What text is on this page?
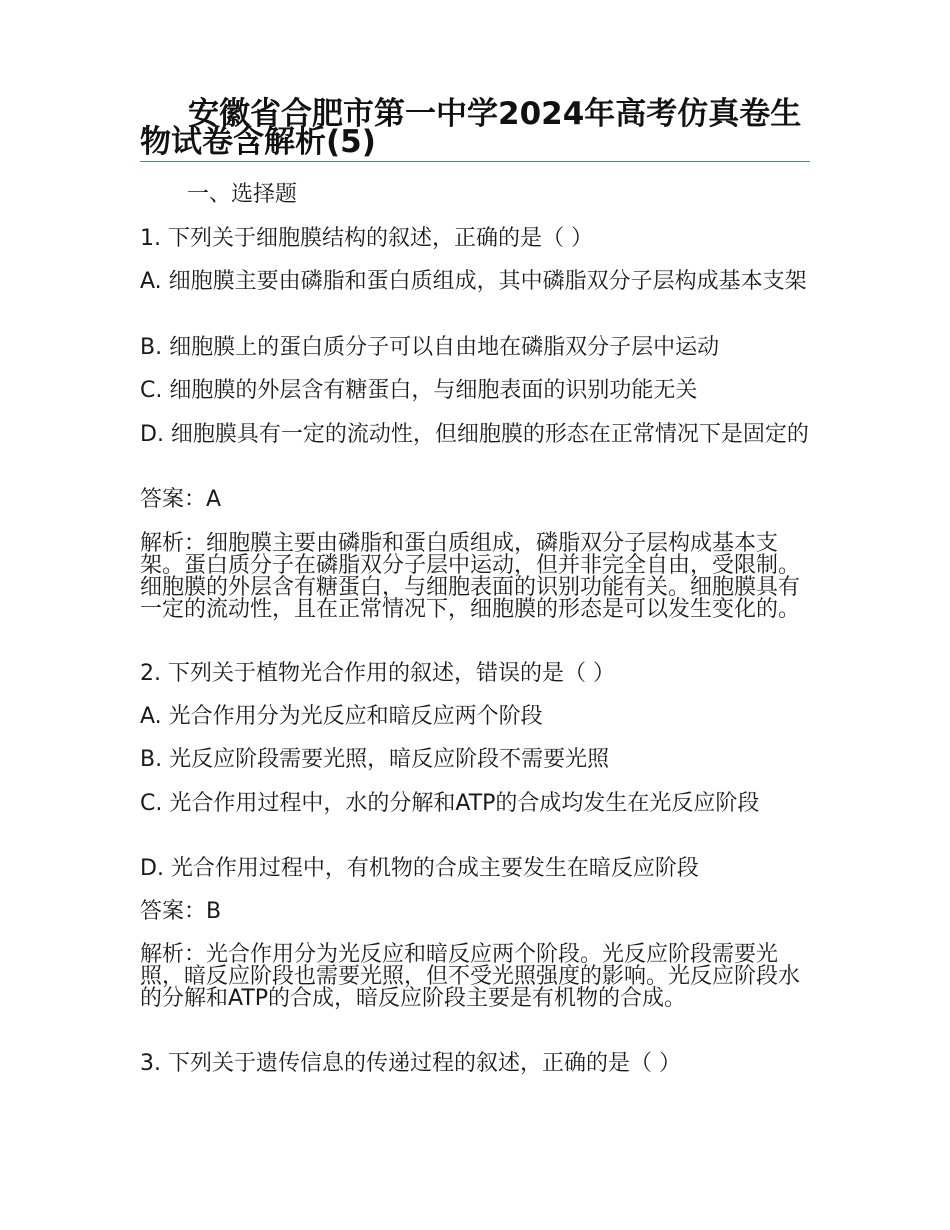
安徽省合肥市第一中学2024年高考仿真卷生物试卷含解析(5)

一、选择题

1. 下列关于细胞膜结构的叙述，正确的是（ ）

A. 细胞膜主要由磷脂和蛋白质组成，其中磷脂双分子层构成基本支架

B. 细胞膜上的蛋白质分子可以自由地在磷脂双分子层中运动

C. 细胞膜的外层含有糖蛋白，与细胞表面的识别功能无关

D. 细胞膜具有一定的流动性，但细胞膜的形态在正常情况下是固定的

答案：A

解析：细胞膜主要由磷脂和蛋白质组成，磷脂双分子层构成基本支架。蛋白质分子在磷脂双分子层中运动，但并非完全自由，受限制。细胞膜的外层含有糖蛋白，与细胞表面的识别功能有关。细胞膜具有一定的流动性，且在正常情况下，细胞膜的形态是可以发生变化的。

2. 下列关于植物光合作用的叙述，错误的是（ ）

A. 光合作用分为光反应和暗反应两个阶段

B. 光反应阶段需要光照，暗反应阶段不需要光照

C. 光合作用过程中，水的分解和ATP的合成均发生在光反应阶段

D. 光合作用过程中，有机物的合成主要发生在暗反应阶段

答案：B

解析：光合作用分为光反应和暗反应两个阶段。光反应阶段需要光照，暗反应阶段也需要光照，但不受光照强度的影响。光反应阶段水的分解和ATP的合成，暗反应阶段主要是有机物的合成。

3. 下列关于遗传信息的传递过程的叙述，正确的是（ ）
